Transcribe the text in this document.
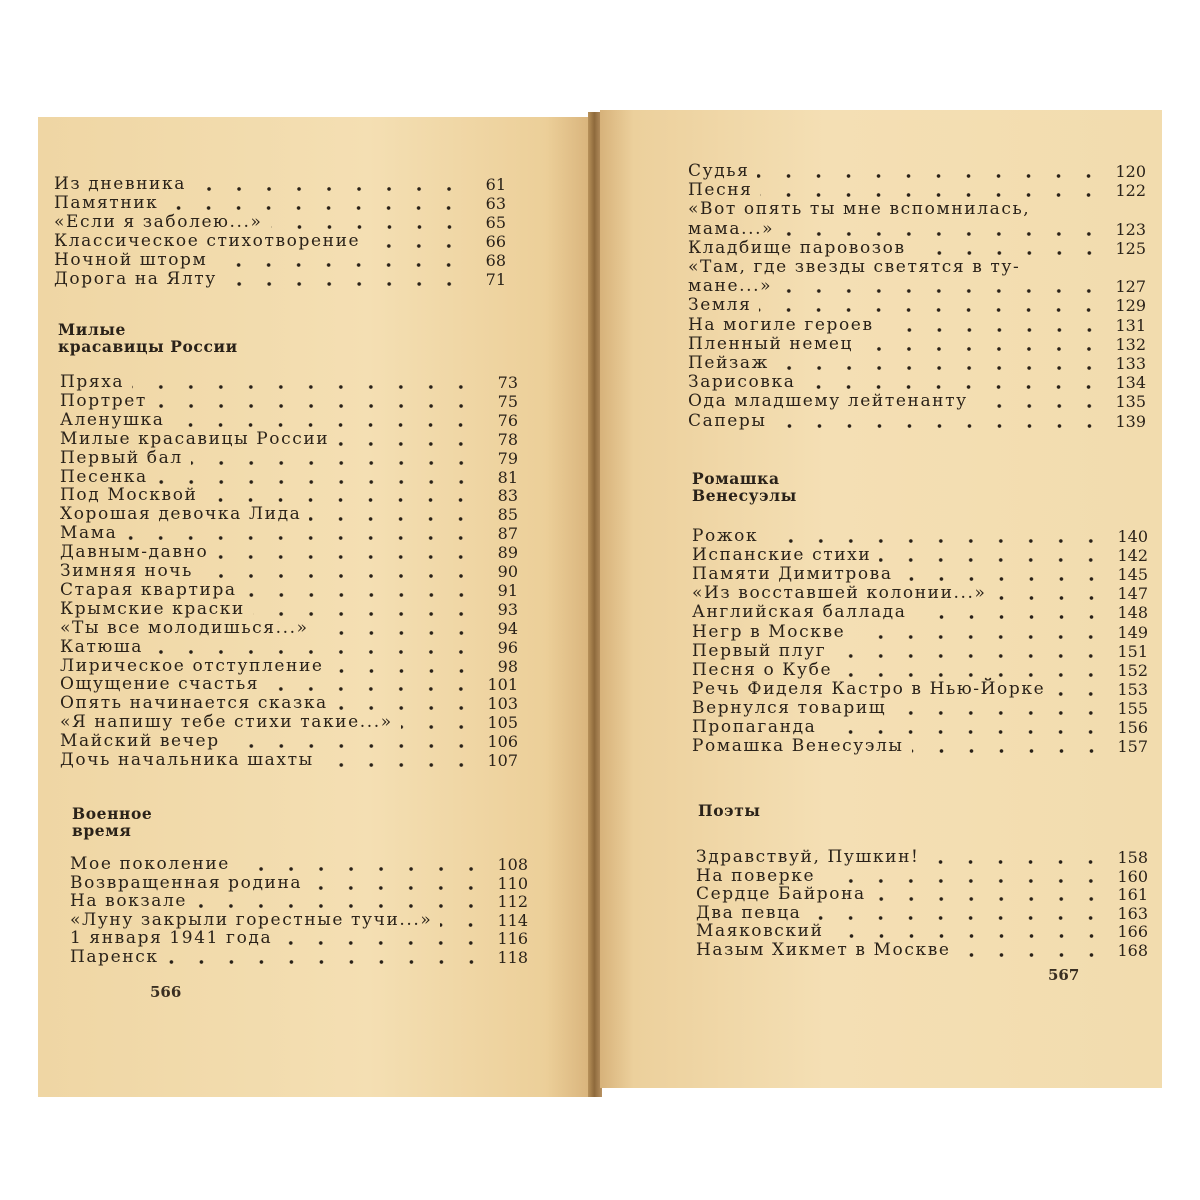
Из дневника	61
Памятник	63
«Если я заболею...»	65
Классическое стихотворение	66
Ночной шторм	68
Дорога на Ялту	71
Милые
красавицы России
Пряха	73
Портрет	75
Аленушка	76
Милые красавицы России	78
Первый бал	79
Песенка	81
Под Москвой	83
Хорошая девочка Лида	85
Мама	87
Давным-давно	89
Зимняя ночь	90
Старая квартира	91
Крымские краски	93
«Ты все молодишься...»	94
Катюша	96
Лирическое отступление	98
Ощущение счастья	101
Опять начинается сказка	103
«Я напишу тебе стихи такие...»	105
Майский вечер	106
Дочь начальника шахты	107
Военное
время
Мое поколение	108
Возвращенная родина	110
На вокзале	112
«Луну закрыли горестные тучи...»	114
1 января 1941 года	116
Паренск	118
566
Судья	120
Песня	122
«Вот опять ты мне вспомнилась,
мама...»	123
Кладбище паровозов	125
«Там, где звезды светятся в ту-
мане...»	127
Земля	129
На могиле героев	131
Пленный немец	132
Пейзаж	133
Зарисовка	134
Ода младшему лейтенанту	135
Саперы	139
Ромашка
Венесуэлы
Рожок	140
Испанские стихи	142
Памяти Димитрова	145
«Из восставшей колонии...»	147
Английская баллада	148
Негр в Москве	149
Первый плуг	151
Песня о Кубе	152
Речь Фиделя Кастро в Нью-Йорке	153
Вернулся товарищ	155
Пропаганда	156
Ромашка Венесуэлы	157
Поэты
Здравствуй, Пушкин!	158
На поверке	160
Сердце Байрона	161
Два певца	163
Маяковский	166
Назым Хикмет в Москве	168
567
